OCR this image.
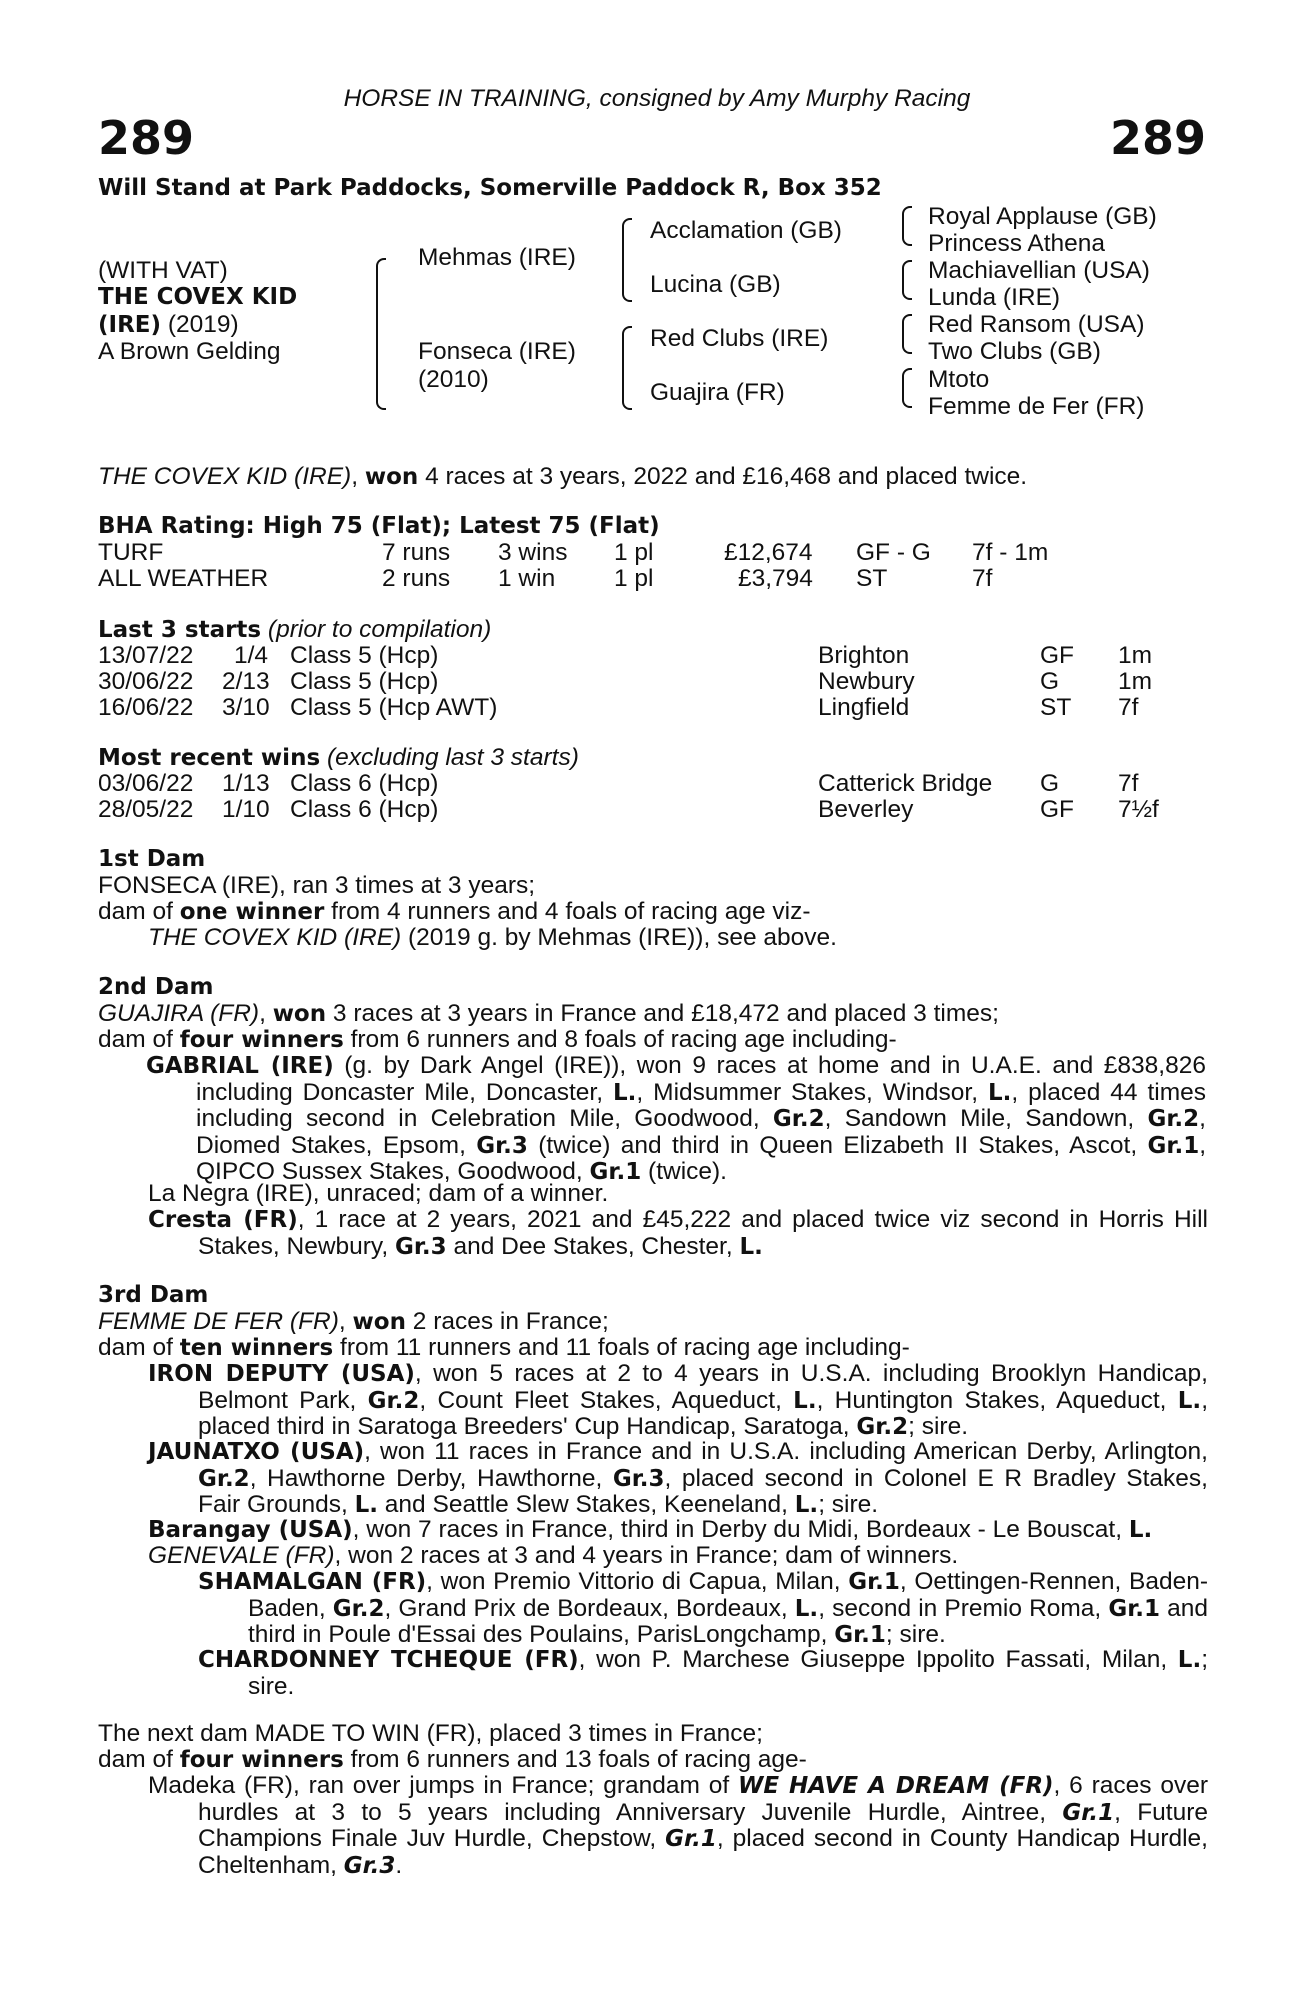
HORSE IN TRAINING, consigned by Amy Murphy Racing
289	289
Will Stand at Park Paddocks, Somerville Paddock R, Box 352
(WITH VAT)
THE COVEX KID
(IRE) (2019)
A Brown Gelding
Mehmas (IRE)
Fonseca (IRE)
(2010)
Acclamation (GB)
Lucina (GB)
Red Clubs (IRE)
Guajira (FR)
Royal Applause (GB)
Princess Athena
Machiavellian (USA)
Lunda (IRE)
Red Ransom (USA)
Two Clubs (GB)
Mtoto
Femme de Fer (FR)
THE COVEX KID (IRE), won 4 races at 3 years, 2022 and £16,468 and placed twice.
BHA Rating: High 75 (Flat); Latest 75 (Flat)
TURF	7 runs 3 wins 1 pl	£12,674 GF - G 7f - 1m
ALL WEATHER	2 runs 1 win 1 pl	£3,794 ST	7f
Last 3 starts (prior to compilation)
13/07/22 1/4 Class 5 (Hcp)	Brighton	GF 1m
30/06/22 2/13 Class 5 (Hcp)	Newbury	G 1m
16/06/22 3/10 Class 5 (Hcp AWT)	Lingfield	ST 7f
Most recent wins (excluding last 3 starts)
03/06/22 1/13 Class 6 (Hcp)	Catterick Bridge G 7f
28/05/22 1/10 Class 6 (Hcp)	Beverley	GF 7½f
1st Dam
FONSECA (IRE), ran 3 times at 3 years;
dam of one winner from 4 runners and 4 foals of racing age viz-
THE COVEX KID (IRE) (2019 g. by Mehmas (IRE)), see above.
2nd Dam
GUAJIRA (FR), won 3 races at 3 years in France and £18,472 and placed 3 times;
dam of four winners from 6 runners and 8 foals of racing age including-
GABRIAL (IRE) (g. by Dark Angel (IRE)), won 9 races at home and in U.A.E. and £838,826 including Doncaster Mile, Doncaster, L., Midsummer Stakes, Windsor, L., placed 44 times including second in Celebration Mile, Goodwood, Gr.2, Sandown Mile, Sandown, Gr.2, Diomed Stakes, Epsom, Gr.3 (twice) and third in Queen Elizabeth II Stakes, Ascot, Gr.1, QIPCO Sussex Stakes, Goodwood, Gr.1 (twice).
La Negra (IRE), unraced; dam of a winner.
Cresta (FR), 1 race at 2 years, 2021 and £45,222 and placed twice viz second in Horris Hill Stakes, Newbury, Gr.3 and Dee Stakes, Chester, L.
3rd Dam
FEMME DE FER (FR), won 2 races in France;
dam of ten winners from 11 runners and 11 foals of racing age including-
IRON DEPUTY (USA), won 5 races at 2 to 4 years in U.S.A. including Brooklyn Handicap, Belmont Park, Gr.2, Count Fleet Stakes, Aqueduct, L., Huntington Stakes, Aqueduct, L., placed third in Saratoga Breeders' Cup Handicap, Saratoga, Gr.2; sire.
JAUNATXO (USA), won 11 races in France and in U.S.A. including American Derby, Arlington, Gr.2, Hawthorne Derby, Hawthorne, Gr.3, placed second in Colonel E R Bradley Stakes, Fair Grounds, L. and Seattle Slew Stakes, Keeneland, L.; sire.
Barangay (USA), won 7 races in France, third in Derby du Midi, Bordeaux - Le Bouscat, L.
GENEVALE (FR), won 2 races at 3 and 4 years in France; dam of winners.
SHAMALGAN (FR), won Premio Vittorio di Capua, Milan, Gr.1, Oettingen-Rennen, Baden-Baden, Gr.2, Grand Prix de Bordeaux, Bordeaux, L., second in Premio Roma, Gr.1 and third in Poule d'Essai des Poulains, ParisLongchamp, Gr.1; sire.
CHARDONNEY TCHEQUE (FR), won P. Marchese Giuseppe Ippolito Fassati, Milan, L.; sire.
The next dam MADE TO WIN (FR), placed 3 times in France;
dam of four winners from 6 runners and 13 foals of racing age-
Madeka (FR), ran over jumps in France; grandam of WE HAVE A DREAM (FR), 6 races over hurdles at 3 to 5 years including Anniversary Juvenile Hurdle, Aintree, Gr.1, Future Champions Finale Juv Hurdle, Chepstow, Gr.1, placed second in County Handicap Hurdle, Cheltenham, Gr.3.
